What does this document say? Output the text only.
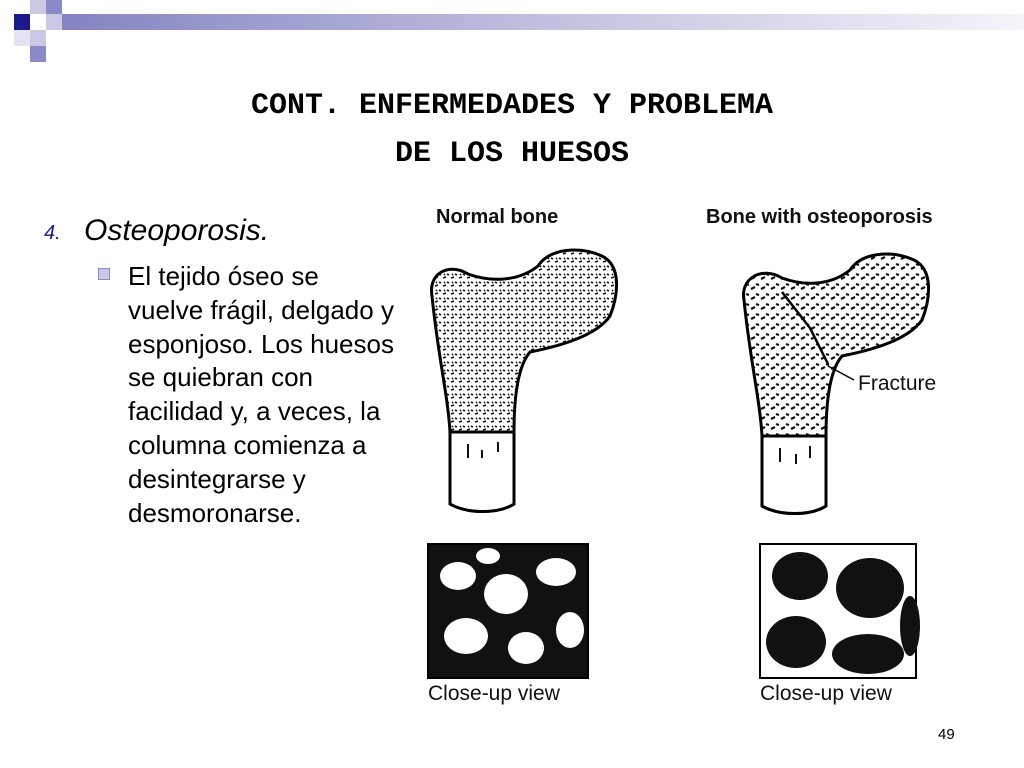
CONT. ENFERMEDADES Y PROBLEMA
DE LOS HUESOS
4. Osteoporosis.
El tejido óseo se vuelve frágil, delgado y esponjoso. Los huesos se quiebran con facilidad y, a veces, la columna comienza a desintegrarse y desmoronarse.
Normal bone	Bone with osteoporosis
Fracture
Close-up view	Close-up view
49
